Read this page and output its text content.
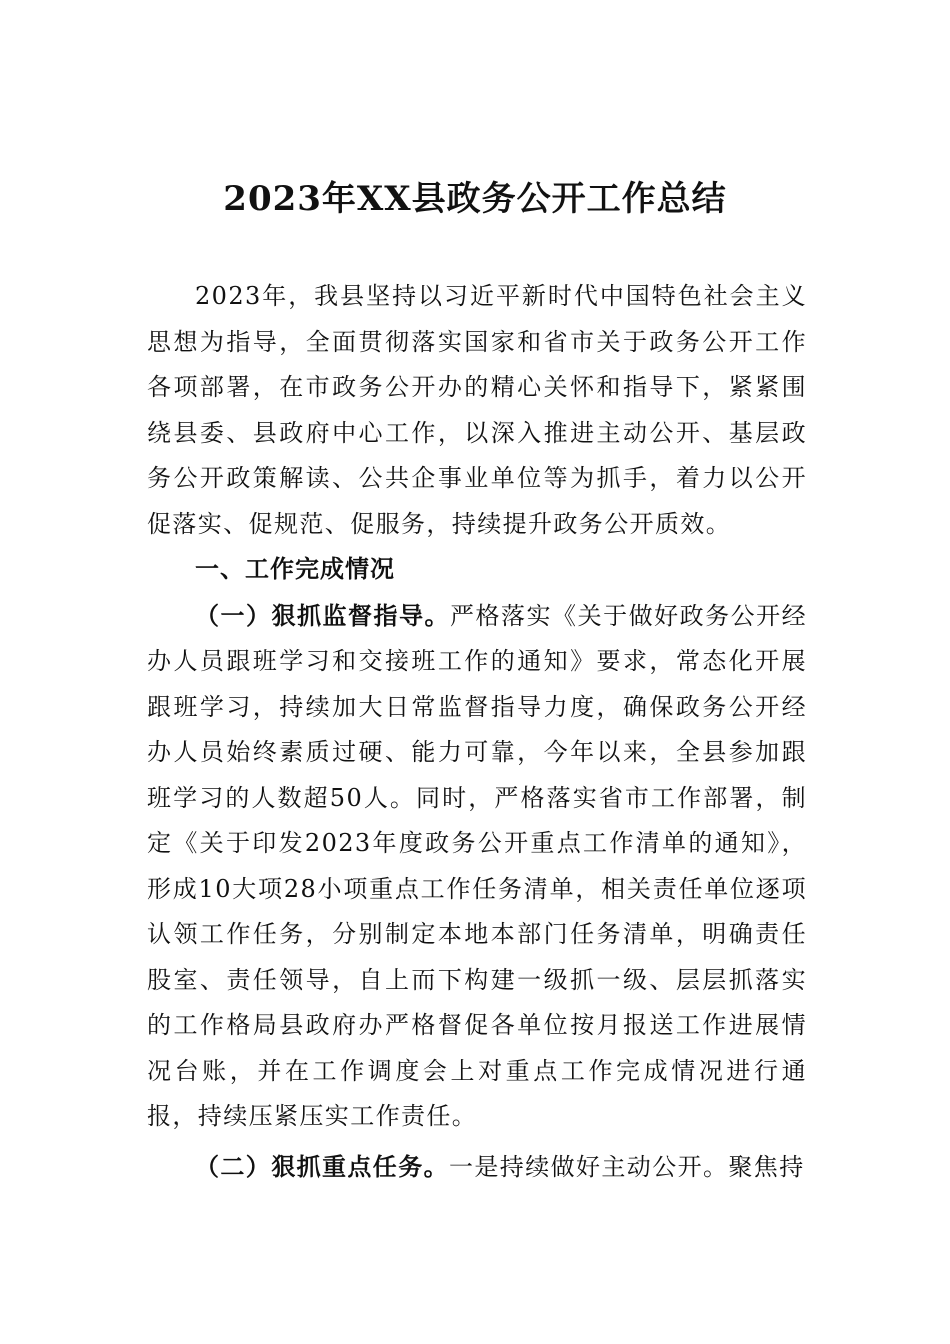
2023年XX县政务公开工作总结

2023年，我县坚持以习近平新时代中国特色社会主义思想为指导，全面贯彻落实国家和省市关于政务公开工作各项部署，在市政务公开办的精心关怀和指导下，紧紧围绕县委、县政府中心工作，以深入推进主动公开、基层政务公开政策解读、公共企事业单位等为抓手，着力以公开促落实、促规范、促服务，持续提升政务公开质效。

一、工作完成情况

（一）狠抓监督指导。严格落实《关于做好政务公开经办人员跟班学习和交接班工作的通知》要求，常态化开展跟班学习，持续加大日常监督指导力度，确保政务公开经办人员始终素质过硬、能力可靠，今年以来，全县参加跟班学习的人数超50人。同时，严格落实省市工作部署，制定《关于印发2023年度政务公开重点工作清单的通知》，形成10大项28小项重点工作任务清单，相关责任单位逐项认领工作任务，分别制定本地本部门任务清单，明确责任股室、责任领导，自上而下构建一级抓一级、层层抓落实的工作格局县政府办严格督促各单位按月报送工作进展情况台账，并在工作调度会上对重点工作完成情况进行通报，持续压紧压实工作责任。

（二）狠抓重点任务。一是持续做好主动公开。聚焦持
